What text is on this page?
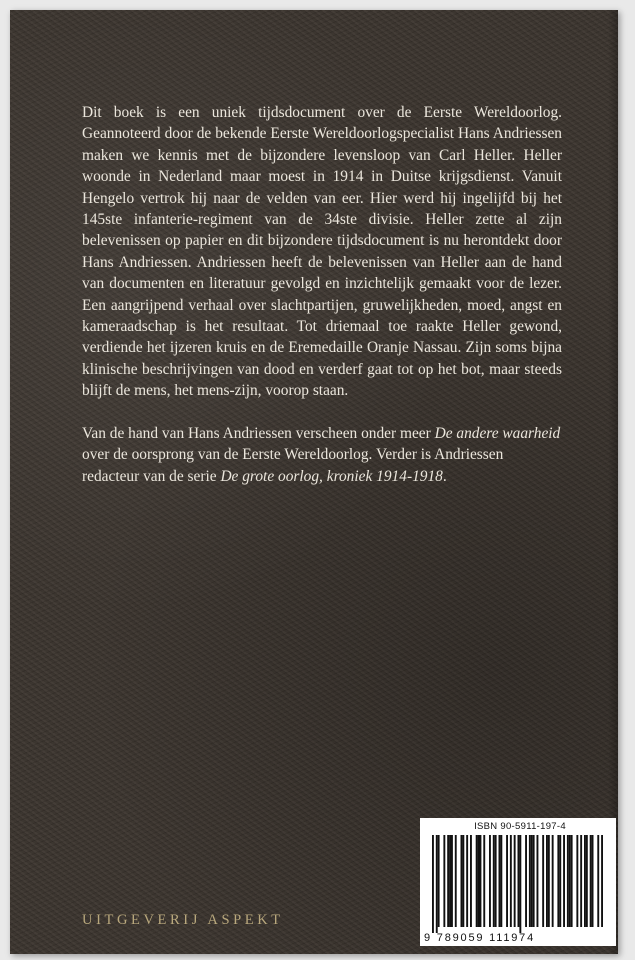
Dit boek is een uniek tijdsdocument over de Eerste Wereldoorlog. Geannoteerd door de bekende Eerste Wereldoorlogspecialist Hans Andriessen maken we kennis met de bijzondere levensloop van Carl Heller. Heller woonde in Nederland maar moest in 1914 in Duitse krijgsdienst. Vanuit Hengelo vertrok hij naar de velden van eer. Hier werd hij ingelijfd bij het 145ste infanterie-regiment van de 34ste divisie. Heller zette al zijn belevenissen op papier en dit bijzondere tijdsdocument is nu herontdekt door Hans Andriessen. Andriessen heeft de belevenissen van Heller aan de hand van documenten en literatuur gevolgd en inzichtelijk gemaakt voor de lezer. Een aangrijpend verhaal over slachtpartijen, gruwelijkheden, moed, angst en kameraadschap is het resultaat. Tot driemaal toe raakte Heller gewond, verdiende het ijzeren kruis en de Eremedaille Oranje Nassau. Zijn soms bijna klinische beschrijvingen van dood en verderf gaat tot op het bot, maar steeds blijft de mens, het mens-zijn, voorop staan.

Van de hand van Hans Andriessen verscheen onder meer De andere waarheid over de oorsprong van de Eerste Wereldoorlog. Verder is Andriessen redacteur van de serie De grote oorlog, kroniek 1914-1918.

UITGEVERIJ ASPEKT
ISBN 90-5911-197-4
9 789059 111974
